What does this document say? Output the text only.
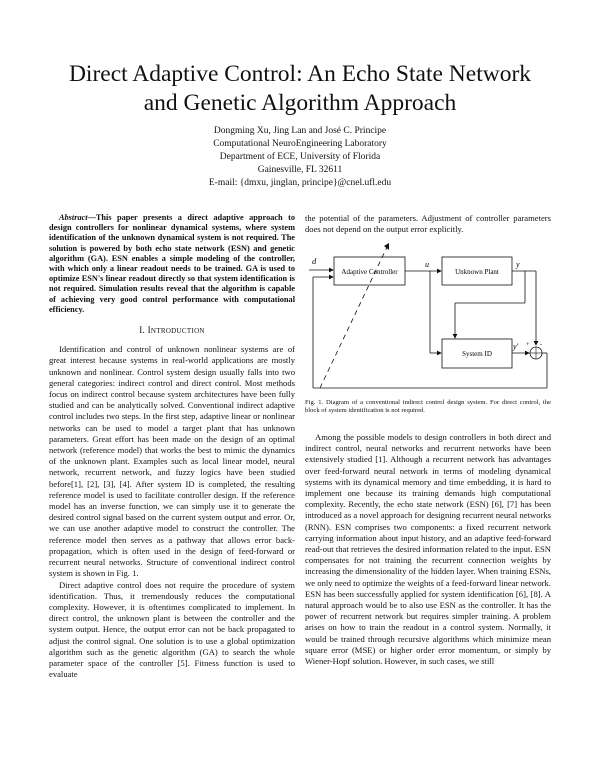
Direct Adaptive Control: An Echo State Network
and Genetic Algorithm Approach
Dongming Xu, Jing Lan and José C. Principe
Computational NeuroEngineering Laboratory
Department of ECE, University of Florida
Gainesville, FL 32611
E-mail: {dmxu, jinglan, principe}@cnel.ufl.edu

Abstract—This paper presents a direct adaptive approach to design controllers for nonlinear dynamical systems, where system identification of the unknown dynamical system is not required. The solution is powered by both echo state network (ESN) and genetic algorithm (GA). ESN enables a simple modeling of the controller, with which only a linear readout needs to be trained. GA is used to optimize ESN's linear readout directly so that system identification is not required. Simulation results reveal that the algorithm is capable of achieving very good control performance with computational efficiency.

I. INTRODUCTION

Identification and control of unknown nonlinear systems are of great interest because systems in real-world applications are mostly unknown and nonlinear. Control system design usually falls into two general categories: indirect control and direct control. Most methods focus on indirect control because system architectures have been fully studied and can be analytically solved. Conventional indirect adaptive control includes two steps. In the first step, adaptive linear or nonlinear networks can be used to model a target plant that has unknown parameters. Great effort has been made on the design of an optimal network (reference model) that works the best to mimic the dynamics of the unknown plant. Examples such as local linear model, neural network, recurrent network, and fuzzy logics have been studied before[1], [2], [3], [4]. After system ID is completed, the resulting reference model is used to facilitate controller design. If the reference model has an inverse function, we can simply use it to generate the desired control signal based on the current system output and error. Or, we can use another adaptive model to construct the controller. The reference model then serves as a pathway that allows error back-propagation, which is often used in the design of feed-forward or recurrent neural networks. Structure of conventional indirect control system is shown in Fig. 1.

Direct adaptive control does not require the procedure of system identification. Thus, it tremendously reduces the computational complexity. However, it is oftentimes complicated to implement. In direct control, the unknown plant is between the controller and the system output. Hence, the output error can not be back propagated to adjust the control signal. One solution is to use a global optimization algorithm such as the genetic algorithm (GA) to search the whole parameter space of the controller [5]. Fitness function is used to evaluate

the potential of the parameters. Adjustment of controller parameters does not depend on the output error explicitly.

d
Adaptive Controller
u
Unknown Plant
y
System ID
y' + -
Fig. 1. Diagram of a conventional indirect control design system. For direct control, the block of system identification is not required.

Among the possible models to design controllers in both direct and indirect control, neural networks and recurrent networks have been extensively studied [1]. Although a recurrent network has advantages over feed-forward neural network in terms of modeling dynamical systems with its dynamical memory and time embedding, it is hard to implement one because its training demands high computational complexity. Recently, the echo state network (ESN) [6], [7] has been introduced as a novel approach for designing recurrent neural networks (RNN). ESN comprises two components: a fixed recurrent network carrying information about input history, and an adaptive feed-forward read-out that retrieves the desired information related to the input. ESN compensates for not training the recurrent connection weights by increasing the dimensionality of the hidden layer. When training ESNs, we only need to optimize the weights of a feed-forward linear network. ESN has been successfully applied for system identification [6], [8]. A natural approach would be to also use ESN as the controller. It has the power of recurrent network but requires simpler training. A problem arises on how to train the readout in a control system. Normally, it would be trained through recursive algorithms which minimize mean square error (MSE) or higher order error momentum, or simply by Wiener-Hopf solution. However, in such cases, we still
